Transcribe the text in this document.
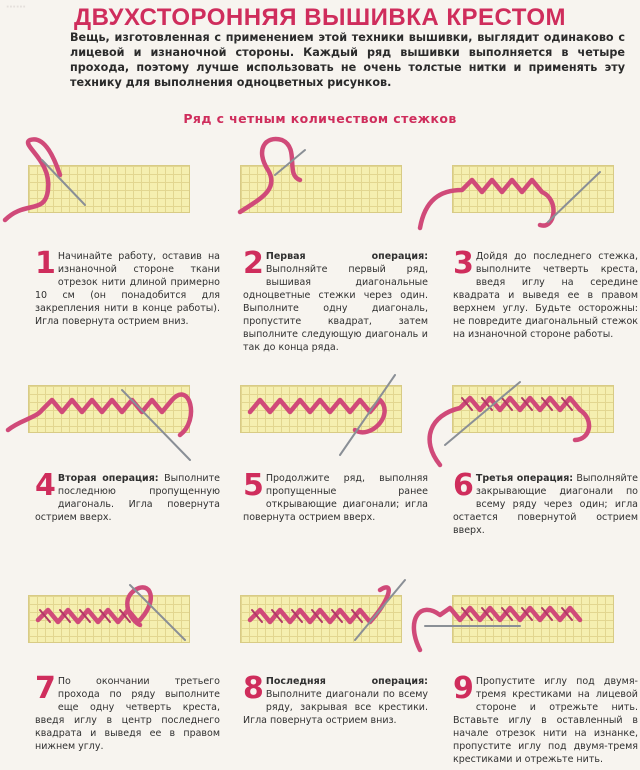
⋯⋯	ДВУХСТОРОННЯЯ ВЫШИВКА КРЕСТОМ
Вещь, изготовленная с применением этой техники вышивки, выглядит одинаково с лицевой и изнаночной стороны. Каждый ряд вышивки выполняется в четыре прохода, поэтому лучше использовать не очень толстые нитки и применять эту технику для выполнения одноцветных рисунков.
Ряд с четным количеством стежков
1 Начинайте работу, оставив на изнаночной стороне ткани отрезок нити длиной примерно 10 см (он понадобится для закрепления нити в конце работы). Игла повернута острием вниз.
2 Первая операция: Выполняйте первый ряд, вышивая диагональные одноцветные стежки через один. Выполните одну диагональ, пропустите квадрат, затем выполните следующую диагональ и так до конца ряда.
3 Дойдя до последнего стежка, выполните четверть креста, введя иглу на середине квадрата и выведя ее в правом верхнем углу. Будьте осторожны: не повредите диагональный стежок на изнаночной стороне работы.
4 Вторая операция: Выполните последнюю пропущенную диагональ. Игла повернута острием вверх.
5 Продолжите ряд, выполняя пропущенные ранее открывающие диагонали; игла повернута острием вверх.
6 Третья операция: Выполняйте закрывающие диагонали по всему ряду через один; игла остается повернутой острием вверх.
7 По окончании третьего прохода по ряду выполните еще одну четверть креста, введя иглу в центр последнего квадрата и выведя ее в правом нижнем углу.
8 Последняя операция: Выполните диагонали по всему ряду, закрывая все крестики. Игла повернута острием вниз.
9 Пропустите иглу под двумя-тремя крестиками на лицевой стороне и отрежьте нить. Вставьте иглу в оставленный в начале отрезок нити на изнанке, пропустите иглу под двумя-тремя крестиками и отрежьте нить.
